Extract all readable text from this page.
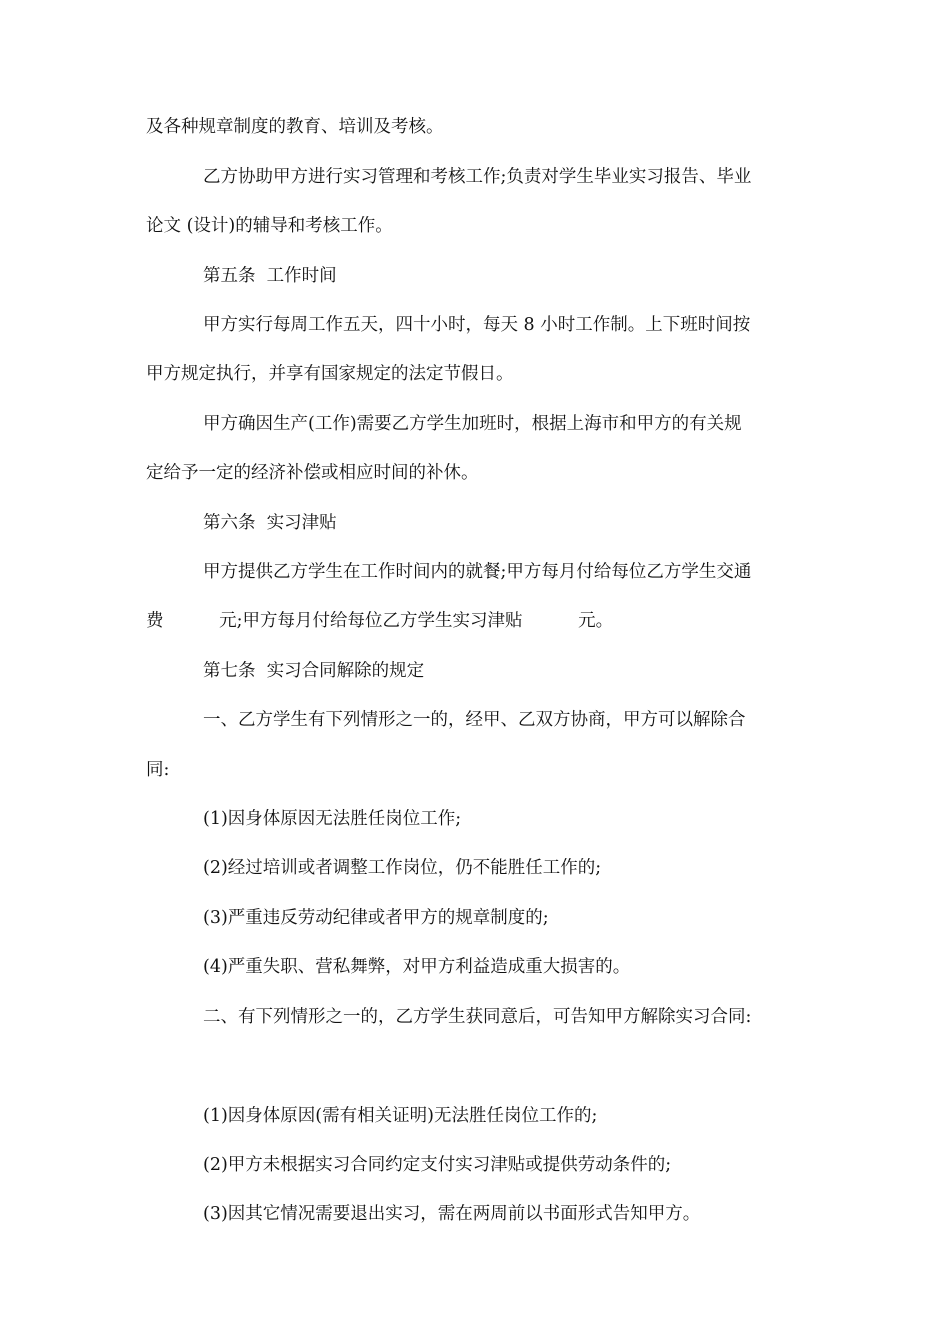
及各种规章制度的教育、培训及考核。
乙方协助甲方进行实习管理和考核工作;负责对学生毕业实习报告、毕业
论文 (设计)的辅导和考核工作。
第五条  工作时间
甲方实行每周工作五天，四十小时，每天 8 小时工作制。上下班时间按
甲方规定执行，并享有国家规定的法定节假日。
甲方确因生产(工作)需要乙方学生加班时，根据上海市和甲方的有关规
定给予一定的经济补偿或相应时间的补休。
第六条  实习津贴
甲方提供乙方学生在工作时间内的就餐;甲方每月付给每位乙方学生交通
费          元;甲方每月付给每位乙方学生实习津贴          元。
第七条  实习合同解除的规定
一、乙方学生有下列情形之一的，经甲、乙双方协商，甲方可以解除合
同:
(1)因身体原因无法胜任岗位工作;
(2)经过培训或者调整工作岗位，仍不能胜任工作的;
(3)严重违反劳动纪律或者甲方的规章制度的;
(4)严重失职、营私舞弊，对甲方利益造成重大损害的。
二、有下列情形之一的，乙方学生获同意后，可告知甲方解除实习合同:
(1)因身体原因(需有相关证明)无法胜任岗位工作的;
(2)甲方未根据实习合同约定支付实习津贴或提供劳动条件的;
(3)因其它情况需要退出实习，需在两周前以书面形式告知甲方。
